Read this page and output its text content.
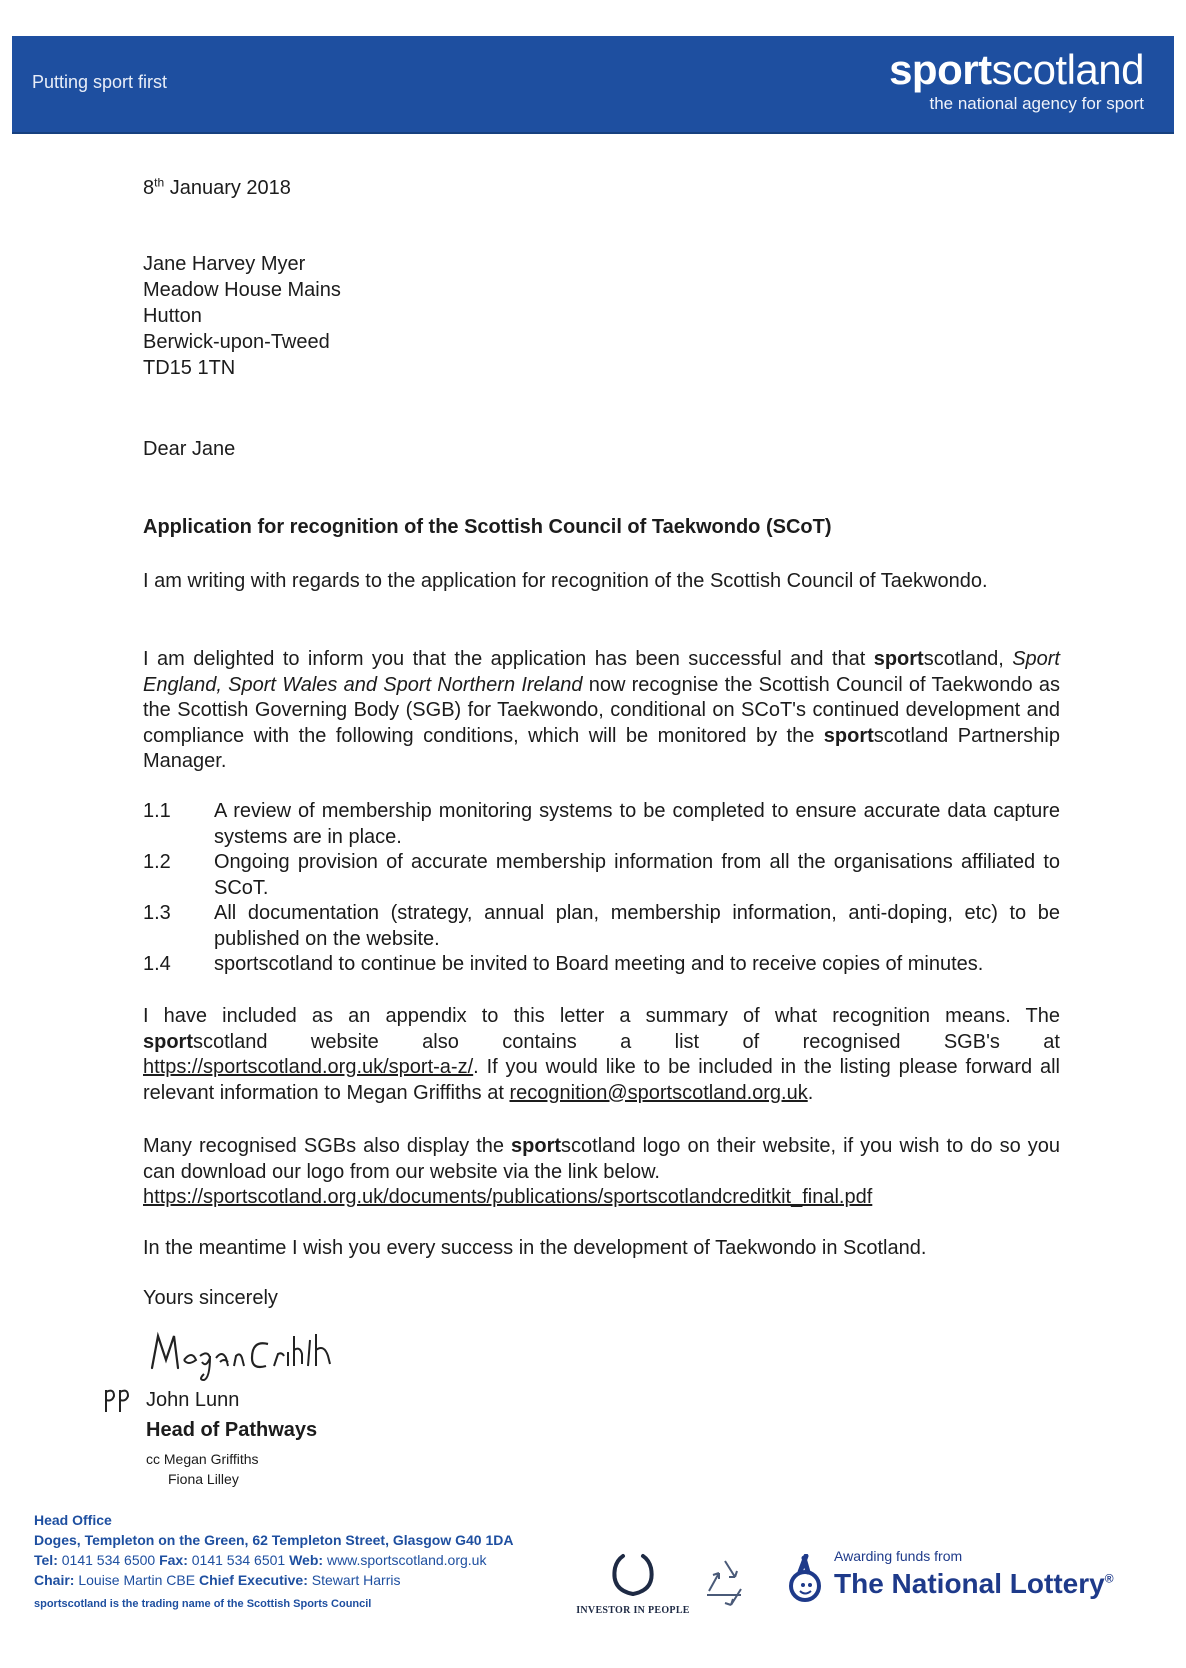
Putting sport first	sportscotland
the national agency for sport
8th January 2018
Jane Harvey Myer
Meadow House Mains
Hutton
Berwick-upon-Tweed
TD15 1TN
Dear Jane
Application for recognition of the Scottish Council of Taekwondo (SCoT)
I am writing with regards to the application for recognition of the Scottish Council of Taekwondo.
I am delighted to inform you that the application has been successful and that sportscotland, Sport England, Sport Wales and Sport Northern Ireland now recognise the Scottish Council of Taekwondo as the Scottish Governing Body (SGB) for Taekwondo, conditional on SCoT's continued development and compliance with the following conditions, which will be monitored by the sportscotland Partnership Manager.
1.1	A review of membership monitoring systems to be completed to ensure accurate data capture systems are in place.
1.2	Ongoing provision of accurate membership information from all the organisations affiliated to SCoT.
1.3	All documentation (strategy, annual plan, membership information, anti-doping, etc) to be published on the website.
1.4	sportscotland to continue be invited to Board meeting and to receive copies of minutes.
I have included as an appendix to this letter a summary of what recognition means. The
sportscotland website also contains a list of recognised SGB's at
https://sportscotland.org.uk/sport-a-z/. If you would like to be included in the listing please forward all relevant information to Megan Griffiths at recognition@sportscotland.org.uk.
Many recognised SGBs also display the sportscotland logo on their website, if you wish to do so you can download our logo from our website via the link below.
https://sportscotland.org.uk/documents/publications/sportscotlandcreditkit_final.pdf
In the meantime I wish you every success in the development of Taekwondo in Scotland.
Yours sincerely
John Lunn
Head of Pathways
cc Megan Griffiths
Fiona Lilley
Head Office
Doges, Templeton on the Green, 62 Templeton Street, Glasgow G40 1DA
Tel: 0141 534 6500 Fax: 0141 534 6501 Web: www.sportscotland.org.uk
Chair: Louise Martin CBE Chief Executive: Stewart Harris
sportscotland is the trading name of the Scottish Sports Council
INVESTOR IN PEOPLE
Awarding funds from
The National Lottery®
